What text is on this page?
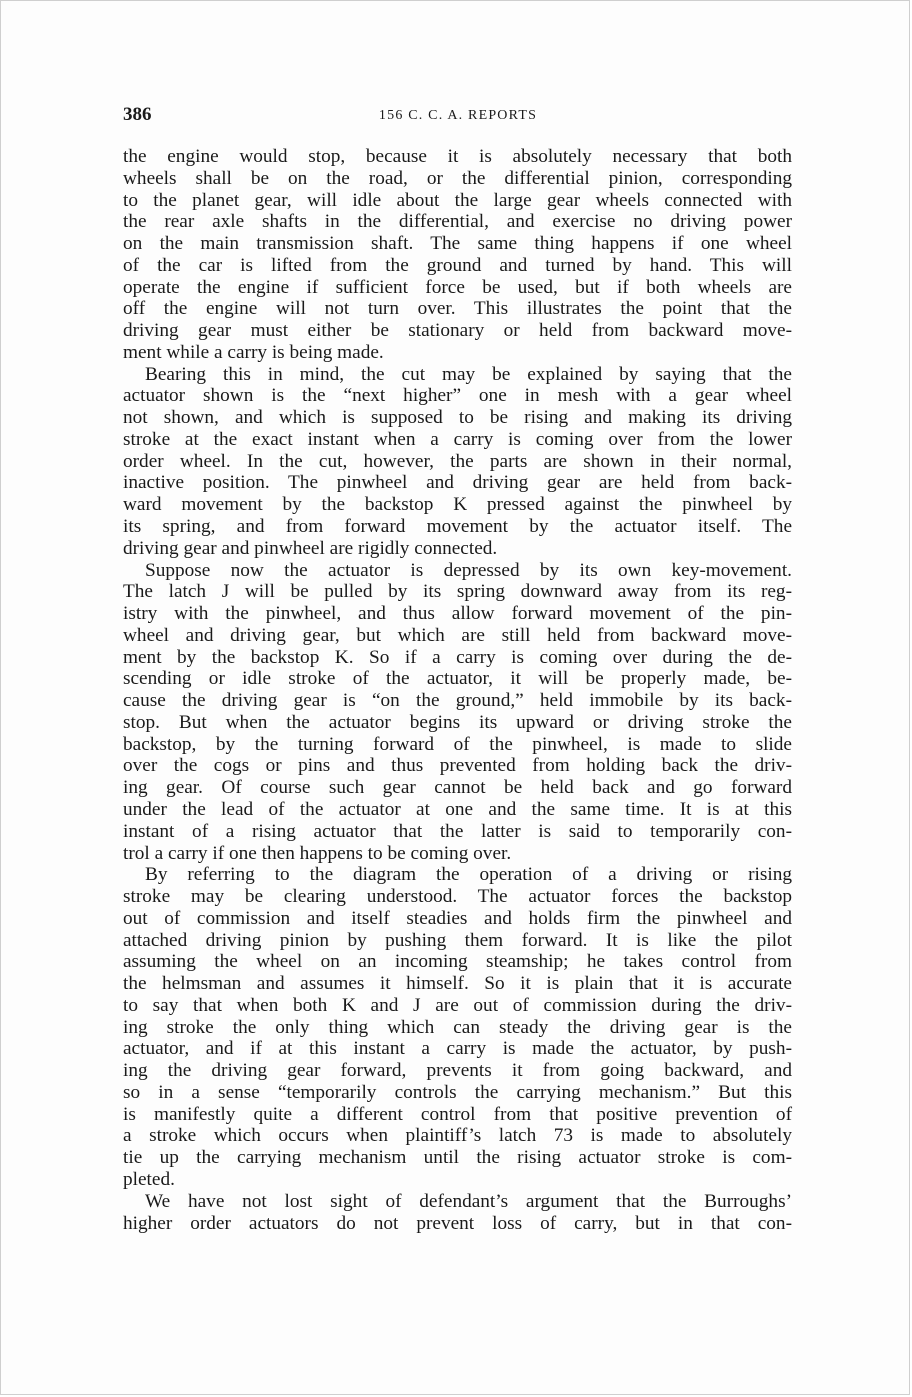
386	156 C. C. A. REPORTS
the engine would stop, because it is absolutely necessary that both
wheels shall be on the road, or the differential pinion, corresponding
to the planet gear, will idle about the large gear wheels connected with
the rear axle shafts in the differential, and exercise no driving power
on the main transmission shaft. The same thing happens if one wheel
of the car is lifted from the ground and turned by hand. This will
operate the engine if sufficient force be used, but if both wheels are
off the engine will not turn over. This illustrates the point that the
driving gear must either be stationary or held from backward move-
ment while a carry is being made.
Bearing this in mind, the cut may be explained by saying that the
actuator shown is the “next higher” one in mesh with a gear wheel
not shown, and which is supposed to be rising and making its driving
stroke at the exact instant when a carry is coming over from the lower
order wheel. In the cut, however, the parts are shown in their normal,
inactive position. The pinwheel and driving gear are held from back-
ward movement by the backstop K pressed against the pinwheel by
its spring, and from forward movement by the actuator itself. The
driving gear and pinwheel are rigidly connected.
Suppose now the actuator is depressed by its own key-movement.
The latch J will be pulled by its spring downward away from its reg-
istry with the pinwheel, and thus allow forward movement of the pin-
wheel and driving gear, but which are still held from backward move-
ment by the backstop K. So if a carry is coming over during the de-
scending or idle stroke of the actuator, it will be properly made, be-
cause the driving gear is “on the ground,” held immobile by its back-
stop. But when the actuator begins its upward or driving stroke the
backstop, by the turning forward of the pinwheel, is made to slide
over the cogs or pins and thus prevented from holding back the driv-
ing gear. Of course such gear cannot be held back and go forward
under the lead of the actuator at one and the same time. It is at this
instant of a rising actuator that the latter is said to temporarily con-
trol a carry if one then happens to be coming over.
By referring to the diagram the operation of a driving or rising
stroke may be clearing understood. The actuator forces the backstop
out of commission and itself steadies and holds firm the pinwheel and
attached driving pinion by pushing them forward. It is like the pilot
assuming the wheel on an incoming steamship; he takes control from
the helmsman and assumes it himself. So it is plain that it is accurate
to say that when both K and J are out of commission during the driv-
ing stroke the only thing which can steady the driving gear is the
actuator, and if at this instant a carry is made the actuator, by push-
ing the driving gear forward, prevents it from going backward, and
so in a sense “temporarily controls the carrying mechanism.” But this
is manifestly quite a different control from that positive prevention of
a stroke which occurs when plaintiff’s latch 73 is made to absolutely
tie up the carrying mechanism until the rising actuator stroke is com-
pleted.
We have not lost sight of defendant’s argument that the Burroughs’
higher order actuators do not prevent loss of carry, but in that con-
